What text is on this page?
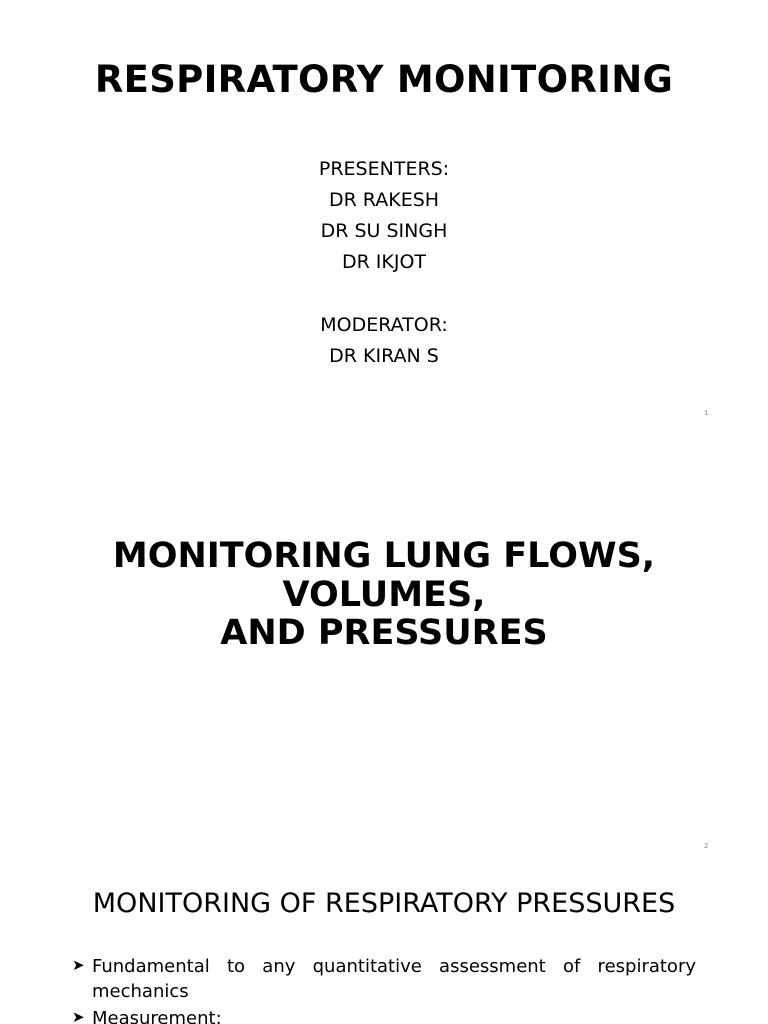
RESPIRATORY MONITORING
PRESENTERS:
DR RAKESH
DR SU SINGH
DR IKJOT
MODERATOR:
DR KIRAN S
1
MONITORING LUNG FLOWS,
VOLUMES,
AND PRESSURES
2
MONITORING OF RESPIRATORY PRESSURES
➤ Fundamental to any quantitative assessment of respiratory mechanics
➤ Measurement:
